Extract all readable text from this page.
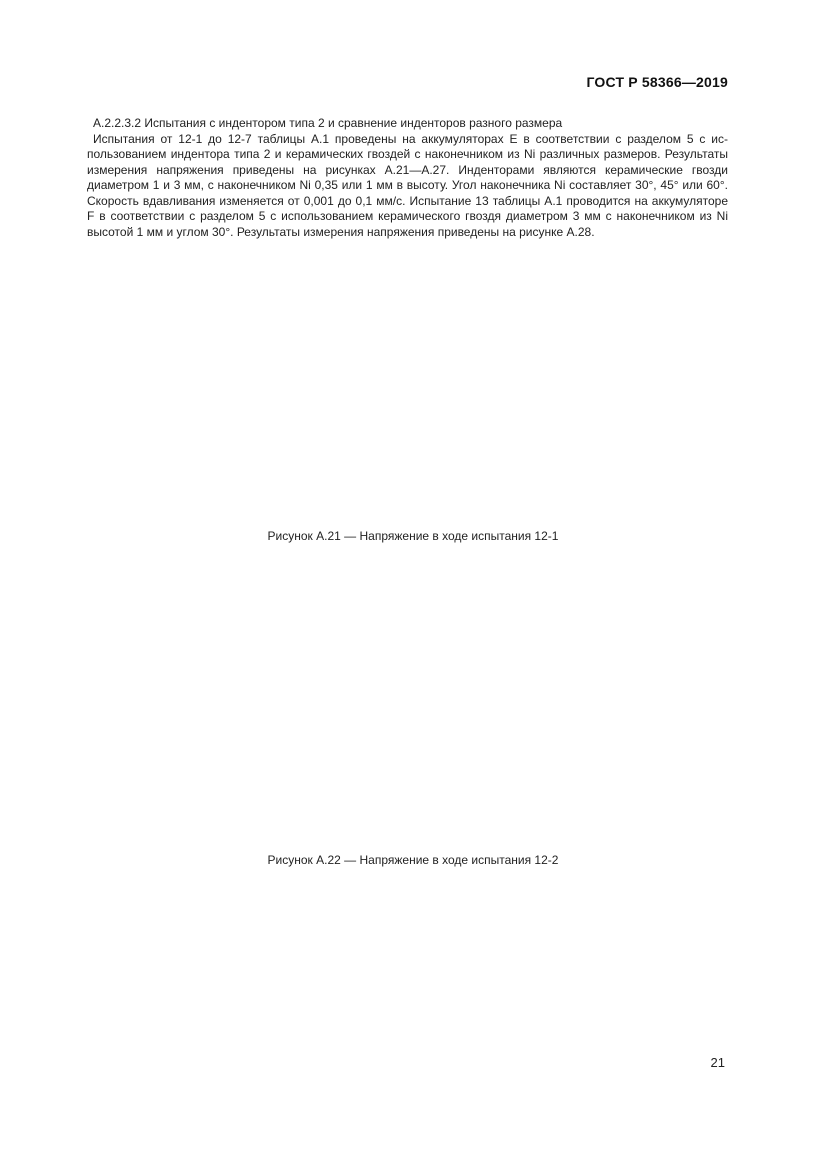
ГОСТ Р 58366—2019

А.2.2.3.2 Испытания с индентором типа 2 и сравнение инденторов разного размера

Испытания от 12-1 до 12-7 таблицы А.1 проведены на аккумуляторах Е в соответствии с разделом 5 с использованием индентора типа 2 и керамических гвоздей с наконечником из Ni различных размеров. Результаты измерения напряжения приведены на рисунках А.21—А.27. Инденторами являются керамические гвозди диаметром 1 и 3 мм, с наконечником Ni 0,35 или 1 мм в высоту. Угол наконечника Ni составляет 30°, 45° или 60°. Скорость вдавливания изменяется от 0,001 до 0,1 мм/с. Испытание 13 таблицы А.1 проводится на аккумуляторе F в соответствии с разделом 5 с использованием керамического гвоздя диаметром 3 мм с наконечником из Ni высотой 1 мм и углом 30°. Результаты измерения напряжения приведены на рисунке А.28.

Рисунок А.21 — Напряжение в ходе испытания 12-1
Рисунок А.22 — Напряжение в ходе испытания 12-2
21
